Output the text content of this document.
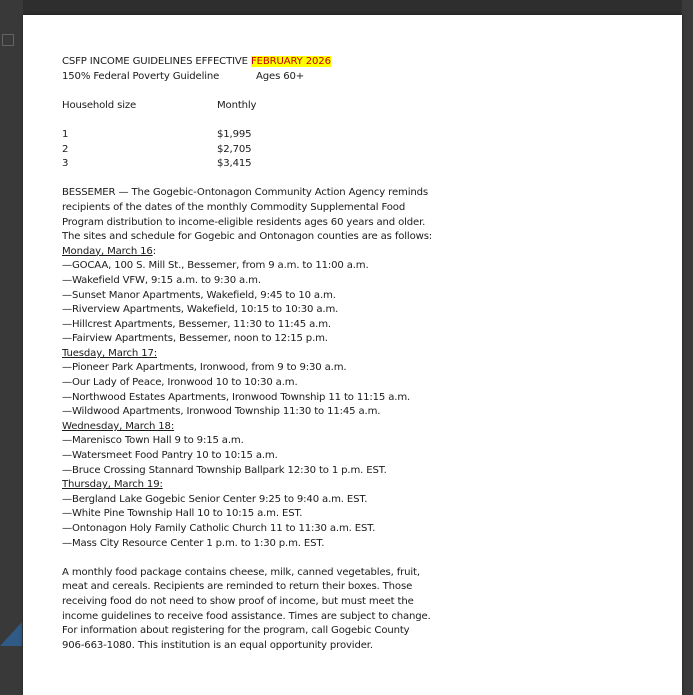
CSFP INCOME GUIDELINES EFFECTIVE FEBRUARY 2026
150% Federal Poverty Guideline	Ages 60+
Household size	Monthly
1	$1,995
2	$2,705
3	$3,415
BESSEMER — The Gogebic-Ontonagon Community Action Agency reminds
recipients of the dates of the monthly Commodity Supplemental Food
Program distribution to income-eligible residents ages 60 years and older.
The sites and schedule for Gogebic and Ontonagon counties are as follows:
Monday, March 16:
—GOCAA, 100 S. Mill St., Bessemer, from 9 a.m. to 11:00 a.m.
—Wakefield VFW, 9:15 a.m. to 9:30 a.m.
—Sunset Manor Apartments, Wakefield, 9:45 to 10 a.m.
—Riverview Apartments, Wakefield, 10:15 to 10:30 a.m.
—Hillcrest Apartments, Bessemer, 11:30 to 11:45 a.m.
—Fairview Apartments, Bessemer, noon to 12:15 p.m.
Tuesday, March 17:
—Pioneer Park Apartments, Ironwood, from 9 to 9:30 a.m.
—Our Lady of Peace, Ironwood 10 to 10:30 a.m.
—Northwood Estates Apartments, Ironwood Township 11 to 11:15 a.m.
—Wildwood Apartments, Ironwood Township 11:30 to 11:45 a.m.
Wednesday, March 18:
—Marenisco Town Hall 9 to 9:15 a.m.
—Watersmeet Food Pantry 10 to 10:15 a.m.
—Bruce Crossing Stannard Township Ballpark 12:30 to 1 p.m. EST.
Thursday, March 19:
—Bergland Lake Gogebic Senior Center 9:25 to 9:40 a.m. EST.
—White Pine Township Hall 10 to 10:15 a.m. EST.
—Ontonagon Holy Family Catholic Church 11 to 11:30 a.m. EST.
—Mass City Resource Center 1 p.m. to 1:30 p.m. EST.
A monthly food package contains cheese, milk, canned vegetables, fruit,
meat and cereals. Recipients are reminded to return their boxes. Those
receiving food do not need to show proof of income, but must meet the
income guidelines to receive food assistance. Times are subject to change.
For information about registering for the program, call Gogebic County
906-663-1080. This institution is an equal opportunity provider.
